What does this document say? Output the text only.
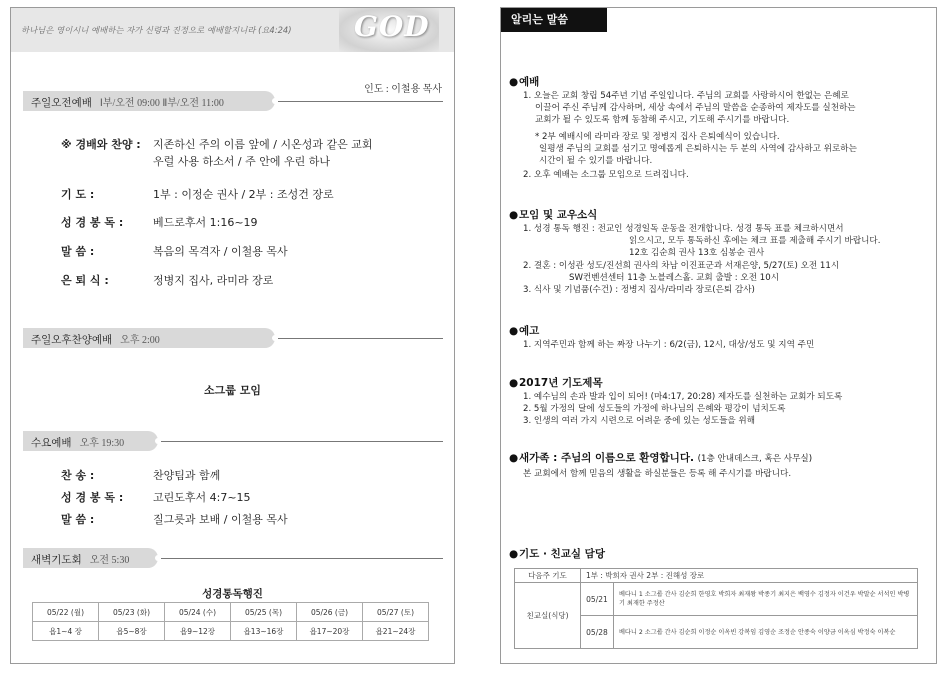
하나님은 영이시니 예배하는 자가 신령과 진정으로 예배할지니라 (요4:24) GOD
인도 : 이철용 목사
주일오전예배 Ⅰ부/오전 09:00 Ⅱ부/오전 11:00
※ 경배와 찬양 : 지존하신 주의 이름 앞에 / 시온성과 같은 교회 우럴 사용 하소서 / 주 안에 우린 하나
기 도 :	1부 : 이정순 권사 / 2부 : 조성건 장로
성 경 봉 독 :	베드로후서 1:16~19
말 씀 :	복음의 목격자 / 이철용 목사
은 퇴 식 :	정병지 집사, 라미라 장로
주일오후찬양예배 오후 2:00
소그룹 모임
수요예배 오후 19:30
찬 송 :	찬양팀과 함께
성 경 봉 독 :	고린도후서 4:7~15
말 씀 :	질그릇과 보배 / 이철용 목사
새벽기도회 오전 5:30
성경통독행진
05/22 (월)	05/23 (화)	05/24 (수)	05/25 (목)	05/26 (금)	05/27 (토)
욥1~4 장	욥5~8장	욥9~12장	욥13~16장	욥17~20장	욥21~24장
알리는 말씀
●예배
1. 오늘은 교회 창립 54주년 기념 주일입니다. 주님의 교회를 사랑하시어 한없는 은혜로
이끌어 주신 주님께 감사하며, 세상 속에서 주님의 말씀을 순종하여 제자도를 실천하는
교회가 될 수 있도록 함께 동참해 주시고, 기도해 주시기를 바랍니다.
* 2부 예배시에 라미라 장로 및 정병지 집사 은퇴예식이 있습니다.
일평생 주님의 교회를 섬기고 명예롭게 은퇴하시는 두 분의 사역에 감사하고 위로하는
시간이 될 수 있기를 바랍니다.
2. 오후 예배는 소그룹 모임으로 드려집니다.
●모임 및 교우소식
1. 성경 통독 행진 : 전교인 성경일독 운동을 전개합니다. 성경 통독 표를 체크하시면서
읽으시고, 모두 통독하신 후에는 체크 표를 제출해 주시기 바랍니다.
12호 김순희 권사 13호 심봉순 권사
2. 결혼 : 이성관 성도/진선희 권사의 차남 이진표군과 서재은양, 5/27(토) 오전 11시
SW컨벤션센터 11층 노블레스홀. 교회 출발 : 오전 10시
3. 식사 및 기념품(수건) : 정병지 집사/라미라 장로(은퇴 감사)
●예고
1. 지역주민과 함께 하는 짜장 나누기 : 6/2(금), 12시, 대상/성도 및 지역 주민
●2017년 기도제목
1. 예수님의 손과 발과 입이 되어! (마4:17, 20:28) 제자도를 실천하는 교회가 되도록
2. 5월 가정의 달에 성도들의 가정에 하나님의 은혜와 평강이 넘치도록
3. 인생의 여러 가지 시련으로 어려운 중에 있는 성도들을 위해
●새가족 : 주님의 이름으로 환영합니다. (1층 안내데스크, 혹은 사무실)
본 교회에서 함께 믿음의 생활을 하실분들은 등록 해 주시기를 바랍니다.
●기도 · 친교실 담당
다음주 기도	1부 : 박희자 권사 2부 : 진해성 장로	
친교실(식당)	05/21	베다니 1 소그룹 간사 김순희 한영호 박희자 최재왕 박종기 최지은 백영수 김정자 이건우 박말순 서석인 박병기 최재한 주정산
	05/28	베다니 2 소그룹 간사 김순희 이정순 이옥빈 강복임 김영순 조정순 안종숙 이양금 이옥심 박정숙 이복순
